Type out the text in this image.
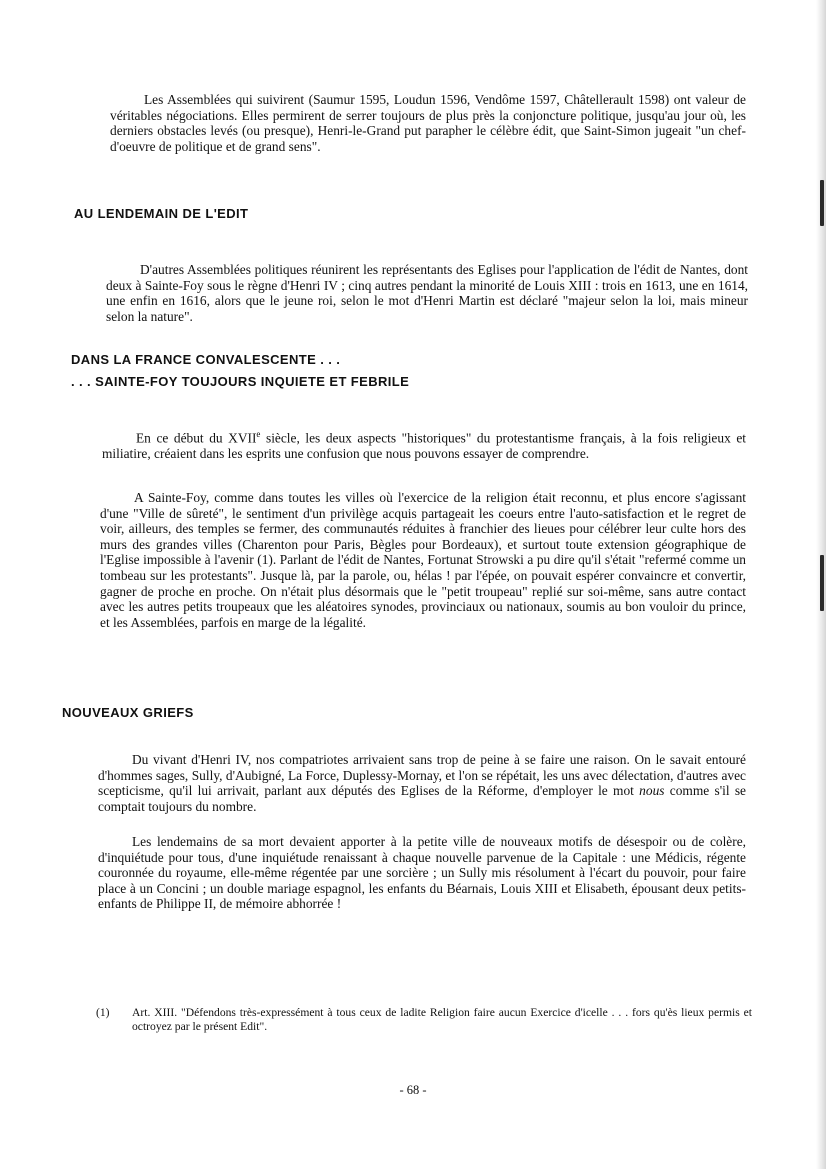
Les Assemblées qui suivirent (Saumur 1595, Loudun 1596, Vendôme 1597, Châtellerault 1598) ont valeur de véritables négociations. Elles permirent de serrer toujours de plus près la conjoncture politique, jusqu'au jour où, les derniers obstacles levés (ou presque), Henri-le-Grand put parapher le célèbre édit, que Saint-Simon jugeait "un chef-d'oeuvre de politique et de grand sens".

AU LENDEMAIN DE L'EDIT

D'autres Assemblées politiques réunirent les représentants des Eglises pour l'application de l'édit de Nantes, dont deux à Sainte-Foy sous le règne d'Henri IV ; cinq autres pendant la minorité de Louis XIII : trois en 1613, une en 1614, une enfin en 1616, alors que le jeune roi, selon le mot d'Henri Martin est déclaré "majeur selon la loi, mais mineur selon la nature".

DANS LA FRANCE CONVALESCENTE . . .
. . . SAINTE-FOY TOUJOURS INQUIETE ET FEBRILE

En ce début du XVIIe siècle, les deux aspects "historiques" du protestantisme français, à la fois religieux et miliatire, créaient dans les esprits une confusion que nous pouvons essayer de comprendre.

A Sainte-Foy, comme dans toutes les villes où l'exercice de la religion était reconnu, et plus encore s'agissant d'une "Ville de sûreté", le sentiment d'un privilège acquis partageait les coeurs entre l'auto-satisfaction et le regret de voir, ailleurs, des temples se fermer, des communautés réduites à franchier des lieues pour célébrer leur culte hors des murs des grandes villes (Charenton pour Paris, Bègles pour Bordeaux), et surtout toute extension géographique de l'Eglise impossible à l'avenir (1). Parlant de l'édit de Nantes, Fortunat Strowski a pu dire qu'il s'était "refermé comme un tombeau sur les protestants". Jusque là, par la parole, ou, hélas ! par l'épée, on pouvait espérer convaincre et convertir, gagner de proche en proche. On n'était plus désormais que le "petit troupeau" replié sur soi-même, sans autre contact avec les autres petits troupeaux que les aléatoires synodes, provinciaux ou nationaux, soumis au bon vouloir du prince, et les Assemblées, parfois en marge de la légalité.

NOUVEAUX GRIEFS

Du vivant d'Henri IV, nos compatriotes arrivaient sans trop de peine à se faire une raison. On le savait entouré d'hommes sages, Sully, d'Aubigné, La Force, Duplessy-Mornay, et l'on se répétait, les uns avec délectation, d'autres avec scepticisme, qu'il lui arrivait, parlant aux députés des Eglises de la Réforme, d'employer le mot nous comme s'il se comptait toujours du nombre.

Les lendemains de sa mort devaient apporter à la petite ville de nouveaux motifs de désespoir ou de colère, d'inquiétude pour tous, d'une inquiétude renaissant à chaque nouvelle parvenue de la Capitale : une Médicis, régente couronnée du royaume, elle-même régentée par une sorcière ; un Sully mis résolument à l'écart du pouvoir, pour faire place à un Concini ; un double mariage espagnol, les enfants du Béarnais, Louis XIII et Elisabeth, épousant deux petits-enfants de Philippe II, de mémoire abhorrée !

(1) Art. XIII. "Défendons très-expressément à tous ceux de ladite Religion faire aucun Exercice d'icelle . . . fors qu'ès lieux permis et octroyez par le présent Edit".
- 68 -
